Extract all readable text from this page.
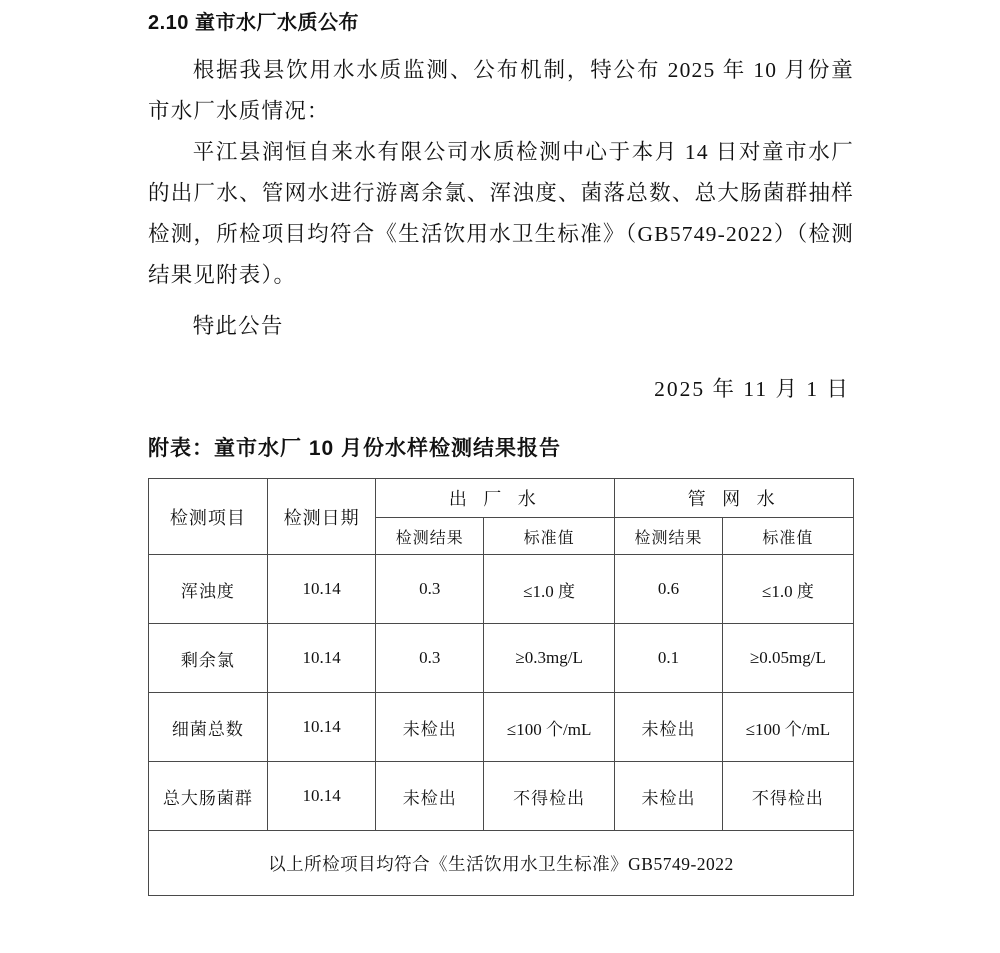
2.10 童市水厂水质公布

根据我县饮用水水质监测、公布机制，特公布 2025 年 10 月份童市水厂水质情况：

平江县润恒自来水有限公司水质检测中心于本月 14 日对童市水厂的出厂水、管网水进行游离余氯、浑浊度、菌落总数、总大肠菌群抽样检测，所检项目均符合《生活饮用水卫生标准》（GB5749-2022）（检测结果见附表）。

特此公告

2025 年 11 月 1 日

附表：童市水厂 10 月份水样检测结果报告
检测项目	检测日期	出 厂 水		管 网 水	
		检测结果	标准值	检测结果	标准值
浑浊度	10.14	0.3	≤1.0 度	0.6	≤1.0 度
剩余氯	10.14	0.3	≥0.3mg/L	0.1	≥0.05mg/L
细菌总数	10.14	未检出	≤100 个/mL	未检出	≤100 个/mL
总大肠菌群	10.14	未检出	不得检出	未检出	不得检出
以上所检项目均符合《生活饮用水卫生标准》GB5749-2022					
